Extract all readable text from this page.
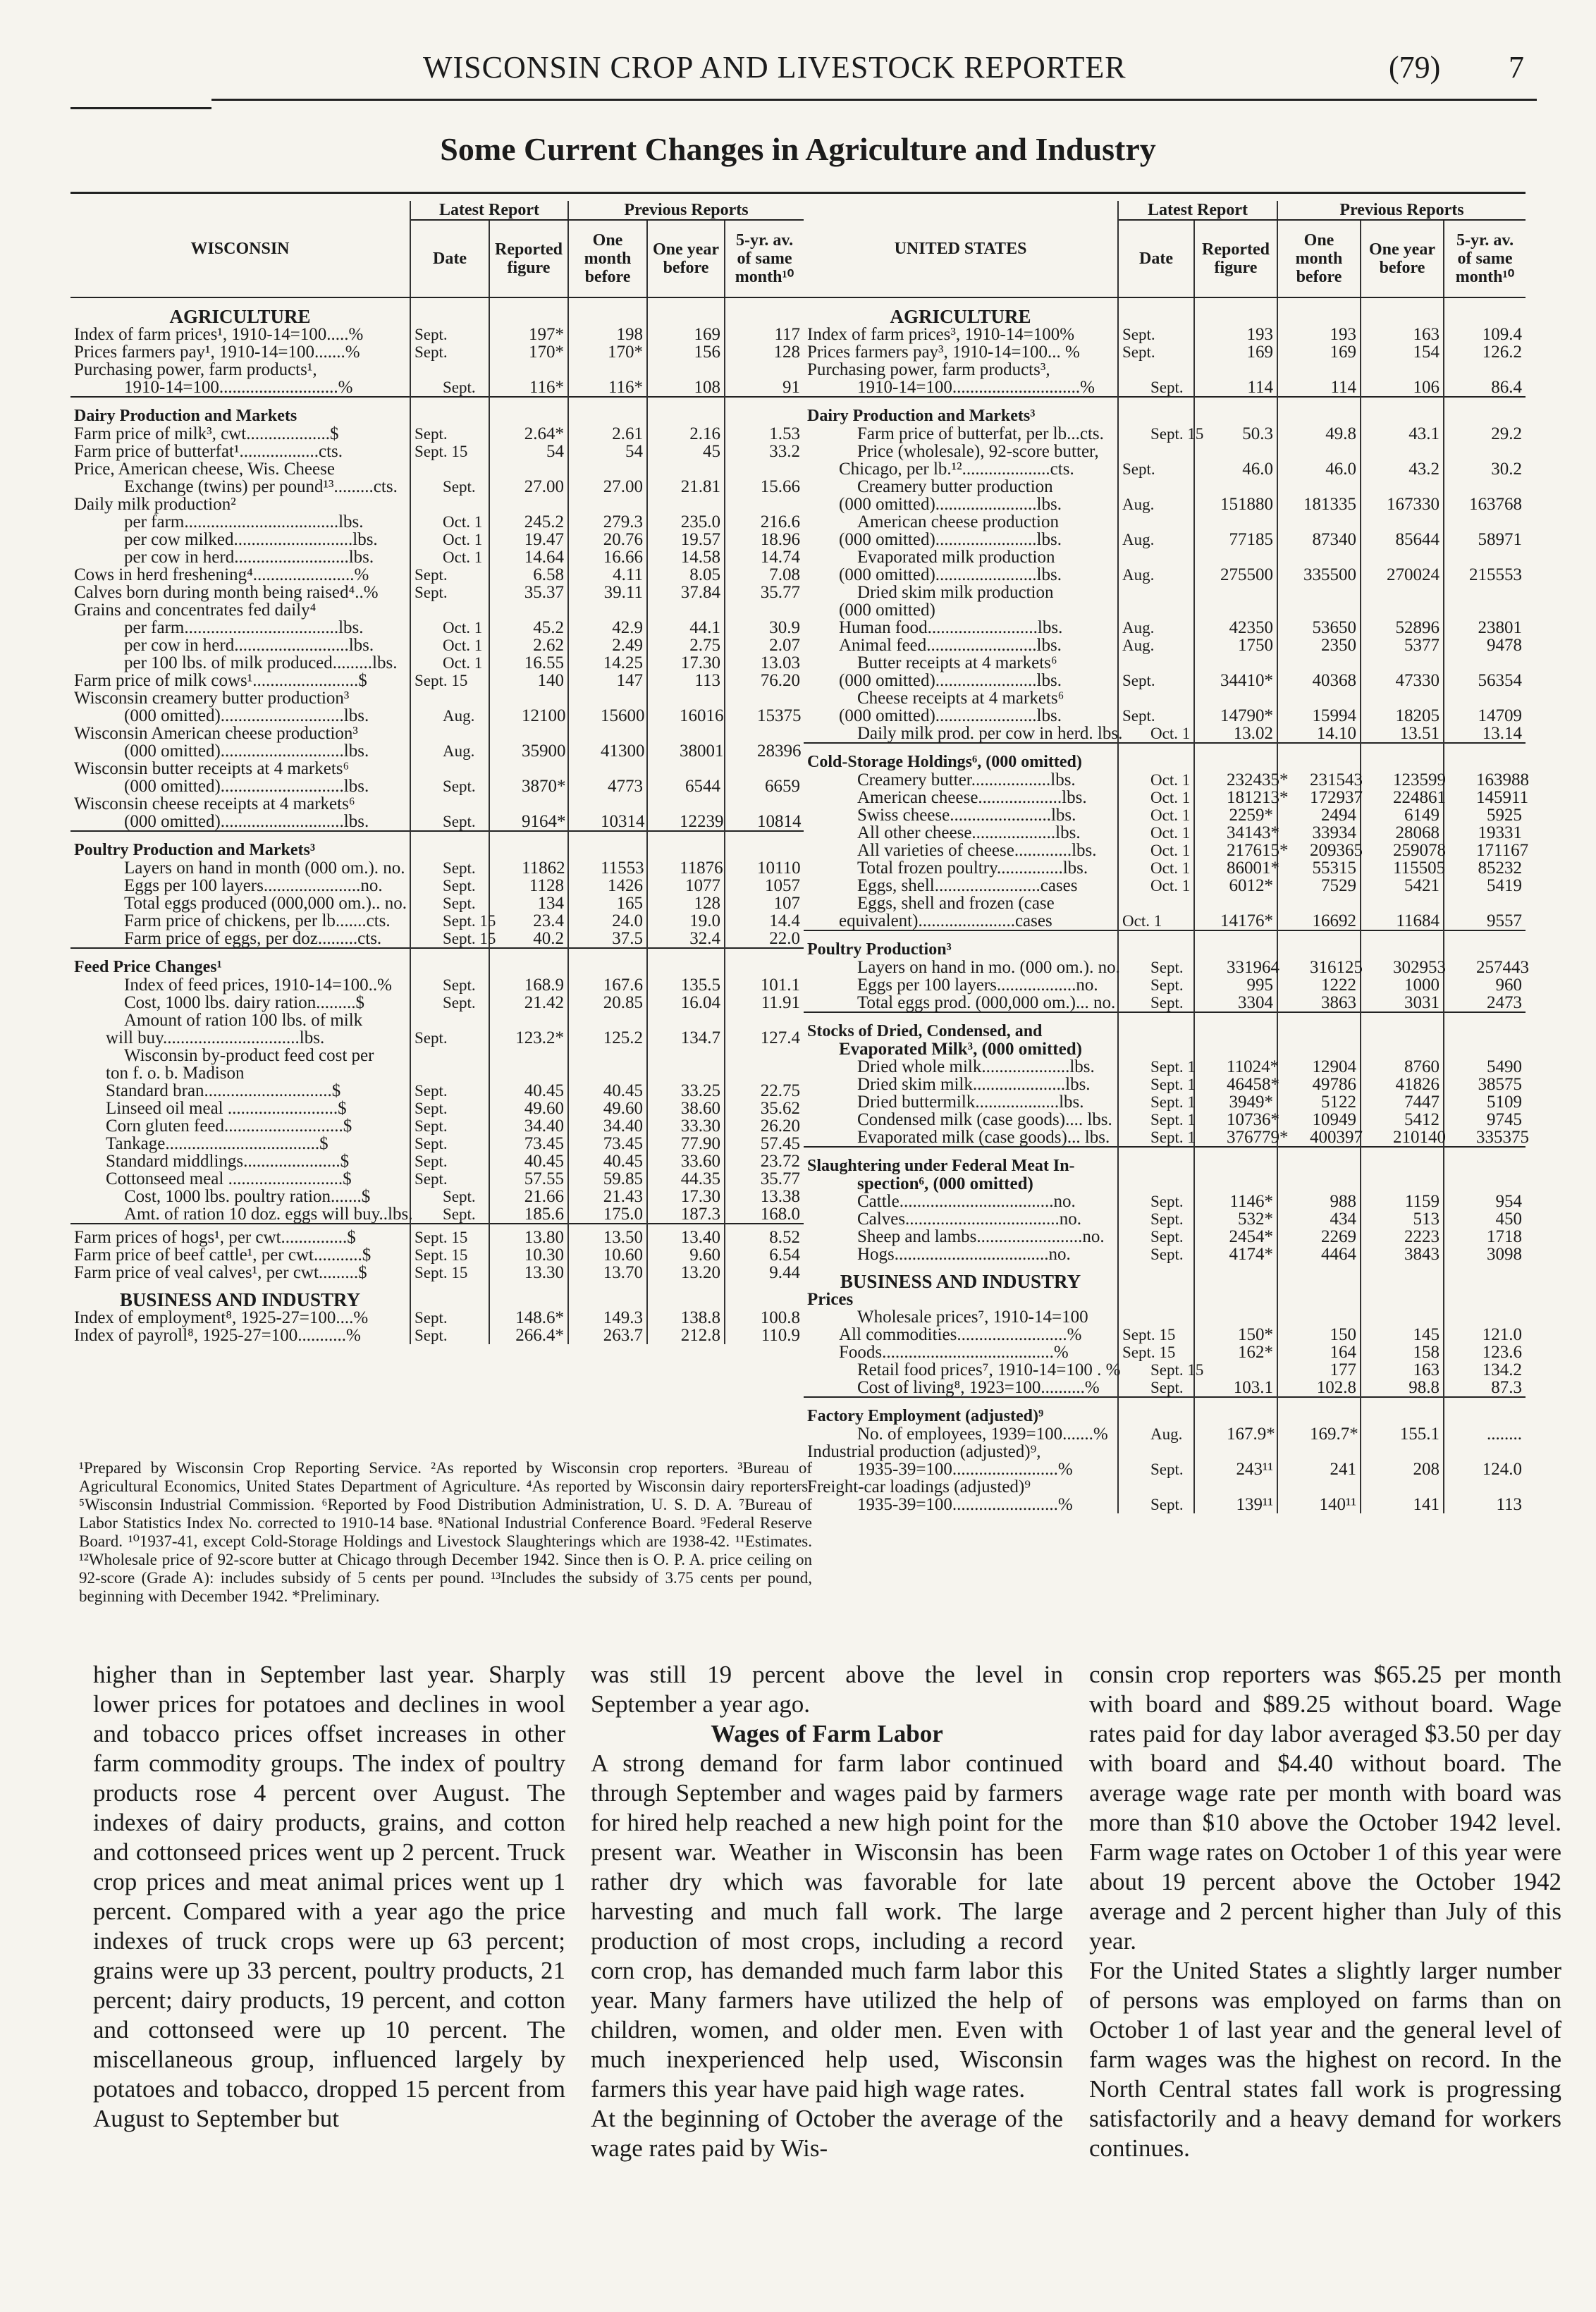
WISCONSIN CROP AND LIVESTOCK REPORTER	(79) 7
Some Current Changes in Agriculture and Industry
WISCONSIN	Latest Report		Previous Reports		
	Date	Reported figure	One month before	One year before	5-yr. av. of same month¹⁰
AGRICULTURE					
Index of farm prices¹, 1910-14=100.....%	Sept.	197*	198	169	117
Prices farmers pay¹, 1910-14=100.......%	Sept.	170*	170*	156	128
Purchasing power, farm products¹,					
1910-14=100...........................%	Sept.	116*	116*	108	91
Dairy Production and Markets					
Farm price of milk³, cwt...................$	Sept.	2.64*	2.61	2.16	1.53
Farm price of butterfat¹..................cts.	Sept. 15	54	54	45	33.2
Price, American cheese, Wis. Cheese					
Exchange (twins) per pound¹³.........cts.	Sept.	27.00	27.00	21.81	15.66
Daily milk production²					
per farm...................................lbs.	Oct. 1	245.2	279.3	235.0	216.6
per cow milked...........................lbs.	Oct. 1	19.47	20.76	19.57	18.96
per cow in herd..........................lbs.	Oct. 1	14.64	16.66	14.58	14.74
Cows in herd freshening⁴.......................%	Sept.	6.58	4.11	8.05	7.08
Calves born during month being raised⁴..%	Sept.	35.37	39.11	37.84	35.77
Grains and concentrates fed daily⁴					
per farm...................................lbs.	Oct. 1	45.2	42.9	44.1	30.9
per cow in herd..........................lbs.	Oct. 1	2.62	2.49	2.75	2.07
per 100 lbs. of milk produced.........lbs.	Oct. 1	16.55	14.25	17.30	13.03
Farm price of milk cows¹........................$	Sept. 15	140	147	113	76.20
Wisconsin creamery butter production³					
(000 omitted)............................lbs.	Aug.	12100	15600	16016	15375
Wisconsin American cheese production³					
(000 omitted)............................lbs.	Aug.	35900	41300	38001	28396
Wisconsin butter receipts at 4 markets⁶					
(000 omitted)............................lbs.	Sept.	3870*	4773	6544	6659
Wisconsin cheese receipts at 4 markets⁶					
(000 omitted)............................lbs.	Sept.	9164*	10314	12239	10814
Poultry Production and Markets³					
Layers on hand in month (000 om.). no.	Sept.	11862	11553	11876	10110
Eggs per 100 layers......................no.	Sept.	1128	1426	1077	1057
Total eggs produced (000,000 om.).. no.	Sept.	134	165	128	107
Farm price of chickens, per lb.......cts.	Sept. 15	23.4	24.0	19.0	14.4
Farm price of eggs, per doz.........cts.	Sept. 15	40.2	37.5	32.4	22.0
Feed Price Changes¹					
Index of feed prices, 1910-14=100..%	Sept.	168.9	167.6	135.5	101.1
Cost, 1000 lbs. dairy ration.........$	Sept.	21.42	20.85	16.04	11.91
Amount of ration 100 lbs. of milk					
will buy...............................lbs.	Sept.	123.2*	125.2	134.7	127.4
Wisconsin by-product feed cost per					
ton f. o. b. Madison					
Standard bran.............................$	Sept.	40.45	40.45	33.25	22.75
Linseed oil meal .........................$	Sept.	49.60	49.60	38.60	35.62
Corn gluten feed...........................$	Sept.	34.40	34.40	33.30	26.20
Tankage...................................$	Sept.	73.45	73.45	77.90	57.45
Standard middlings......................$	Sept.	40.45	40.45	33.60	23.72
Cottonseed meal ..........................$	Sept.	57.55	59.85	44.35	35.77
Cost, 1000 lbs. poultry ration.......$	Sept.	21.66	21.43	17.30	13.38
Amt. of ration 10 doz. eggs will buy..lbs.	Sept.	185.6	175.0	187.3	168.0

Farm prices of hogs¹, per cwt...............$	Sept. 15	13.80	13.50	13.40	8.52
Farm price of beef cattle¹, per cwt...........$	Sept. 15	10.30	10.60	9.60	6.54
Farm price of veal calves¹, per cwt.........$	Sept. 15	13.30	13.70	13.20	9.44
BUSINESS AND INDUSTRY					
Index of employment⁸, 1925-27=100....%	Sept.	148.6*	149.3	138.8	100.8
Index of payroll⁸, 1925-27=100...........%	Sept.	266.4*	263.7	212.8	110.9
UNITED STATES	Latest Report		Previous Reports		
	Date	Reported figure	One month before	One year before	5-yr. av. of same month¹⁰
AGRICULTURE					
Index of farm prices³, 1910-14=100%	Sept.	193	193	163	109.4
Prices farmers pay³, 1910-14=100... %	Sept.	169	169	154	126.2
Purchasing power, farm products³,					
1910-14=100.............................%	Sept.	114	114	106	86.4
Dairy Production and Markets³					
Farm price of butterfat, per lb...cts.	Sept. 15	50.3	49.8	43.1	29.2
Price (wholesale), 92-score butter,					
Chicago, per lb.¹²....................cts.	Sept.	46.0	46.0	43.2	30.2
Creamery butter production					
(000 omitted).......................lbs.	Aug.	151880	181335	167330	163768
American cheese production					
(000 omitted).......................lbs.	Aug.	77185	87340	85644	58971
Evaporated milk production					
(000 omitted).......................lbs.	Aug.	275500	335500	270024	215553
Dried skim milk production					
(000 omitted)					
Human food.........................lbs.	Aug.	42350	53650	52896	23801
Animal feed.........................lbs.	Aug.	1750	2350	5377	9478
Butter receipts at 4 markets⁶					
(000 omitted).......................lbs.	Sept.	34410*	40368	47330	56354
Cheese receipts at 4 markets⁶					
(000 omitted).......................lbs.	Sept.	14790*	15994	18205	14709
Daily milk prod. per cow in herd. lbs.	Oct. 1	13.02	14.10	13.51	13.14
Cold-Storage Holdings⁶, (000 omitted)					
Creamery butter..................lbs.	Oct. 1	232435*	231543	123599	163988
American cheese...................lbs.	Oct. 1	181213*	172937	224861	145911
Swiss cheese.......................lbs.	Oct. 1	2259*	2494	6149	5925
All other cheese...................lbs.	Oct. 1	34143*	33934	28068	19331
All varieties of cheese.............lbs.	Oct. 1	217615*	209365	259078	171167
Total frozen poultry...............lbs.	Oct. 1	86001*	55315	115505	85232
Eggs, shell........................cases	Oct. 1	6012*	7529	5421	5419
Eggs, shell and frozen (case					
equivalent)......................cases	Oct. 1	14176*	16692	11684	9557
Poultry Production³					
Layers on hand in mo. (000 om.). no.	Sept.	331964	316125	302953	257443
Eggs per 100 layers..................no.	Sept.	995	1222	1000	960
Total eggs prod. (000,000 om.)... no.	Sept.	3304	3863	3031	2473
Stocks of Dried, Condensed, and					
Evaporated Milk³, (000 omitted)					
Dried whole milk....................lbs.	Sept. 1	11024*	12904	8760	5490
Dried skim milk.....................lbs.	Sept. 1	46458*	49786	41826	38575
Dried buttermilk...................lbs.	Sept. 1	3949*	5122	7447	5109
Condensed milk (case goods).... lbs.	Sept. 1	10736*	10949	5412	9745
Evaporated milk (case goods)... lbs.	Sept. 1	376779*	400397	210140	335375
Slaughtering under Federal Meat In-					
spection⁶, (000 omitted)					
Cattle...................................no.	Sept.	1146*	988	1159	954
Calves...................................no.	Sept.	532*	434	513	450
Sheep and lambs........................no.	Sept.	2454*	2269	2223	1718
Hogs...................................no.	Sept.	4174*	4464	3843	3098
BUSINESS AND INDUSTRY					
Prices					
Wholesale prices⁷, 1910-14=100					
All commodities.........................%	Sept. 15	150*	150	145	121.0
Foods.......................................%	Sept. 15	162*	164	158	123.6
Retail food prices⁷, 1910-14=100 . %	Sept. 15		177	163	134.2
Cost of living⁸, 1923=100..........%	Sept.	103.1	102.8	98.8	87.3
Factory Employment (adjusted)⁹					
No. of employees, 1939=100.......%	Aug.	167.9*	169.7*	155.1	........
Industrial production (adjusted)⁹,					
1935-39=100........................%	Sept.	243¹¹	241	208	124.0
Freight-car loadings (adjusted)⁹					
1935-39=100........................%	Sept.	139¹¹	140¹¹	141	113
¹Prepared by Wisconsin Crop Reporting Service. ²As reported by Wisconsin crop reporters. ³Bureau of Agricultural Economics, United States Department of Agriculture. ⁴As reported by Wisconsin dairy reporters. ⁵Wisconsin Industrial Commission. ⁶Reported by Food Distribution Administration, U. S. D. A. ⁷Bureau of Labor Statistics Index No. corrected to 1910-14 base. ⁸National Industrial Conference Board. ⁹Federal Reserve Board. ¹⁰1937-41, except Cold-Storage Holdings and Livestock Slaughterings which are 1938-42. ¹¹Estimates. ¹²Wholesale price of 92-score butter at Chicago through December 1942. Since then is O. P. A. price ceiling on 92-score (Grade A): includes subsidy of 5 cents per pound. ¹³Includes the subsidy of 3.75 cents per pound, beginning with December 1942. *Preliminary.

higher than in September last year. Sharply lower prices for potatoes and declines in wool and tobacco prices offset increases in other farm commodity groups. The index of poultry products rose 4 percent over August. The indexes of dairy products, grains, and cotton and cottonseed prices went up 2 percent. Truck crop prices and meat animal prices went up 1 percent. Compared with a year ago the price indexes of truck crops were up 63 percent; grains were up 33 percent, poultry products, 21 percent; dairy products, 19 percent, and cotton and cottonseed were up 10 percent. The miscellaneous group, influenced largely by potatoes and tobacco, dropped 15 percent from August to September but

was still 19 percent above the level in September a year ago.

Wages of Farm Labor

A strong demand for farm labor continued through September and wages paid by farmers for hired help reached a new high point for the present war. Weather in Wisconsin has been rather dry which was favorable for late harvesting and much fall work. The large production of most crops, including a record corn crop, has demanded much farm labor this year. Many farmers have utilized the help of children, women, and older men. Even with much inexperienced help used, Wisconsin farmers this year have paid high wage rates.

At the beginning of October the average of the wage rates paid by Wis-

consin crop reporters was $65.25 per month with board and $89.25 without board. Wage rates paid for day labor averaged $3.50 per day with board and $4.40 without board. The average wage rate per month with board was more than $10 above the October 1942 level. Farm wage rates on October 1 of this year were about 19 percent above the October 1942 average and 2 percent higher than July of this year.

For the United States a slightly larger number of persons was employed on farms than on October 1 of last year and the general level of farm wages was the highest on record. In the North Central states fall work is progressing satisfactorily and a heavy demand for workers continues.
